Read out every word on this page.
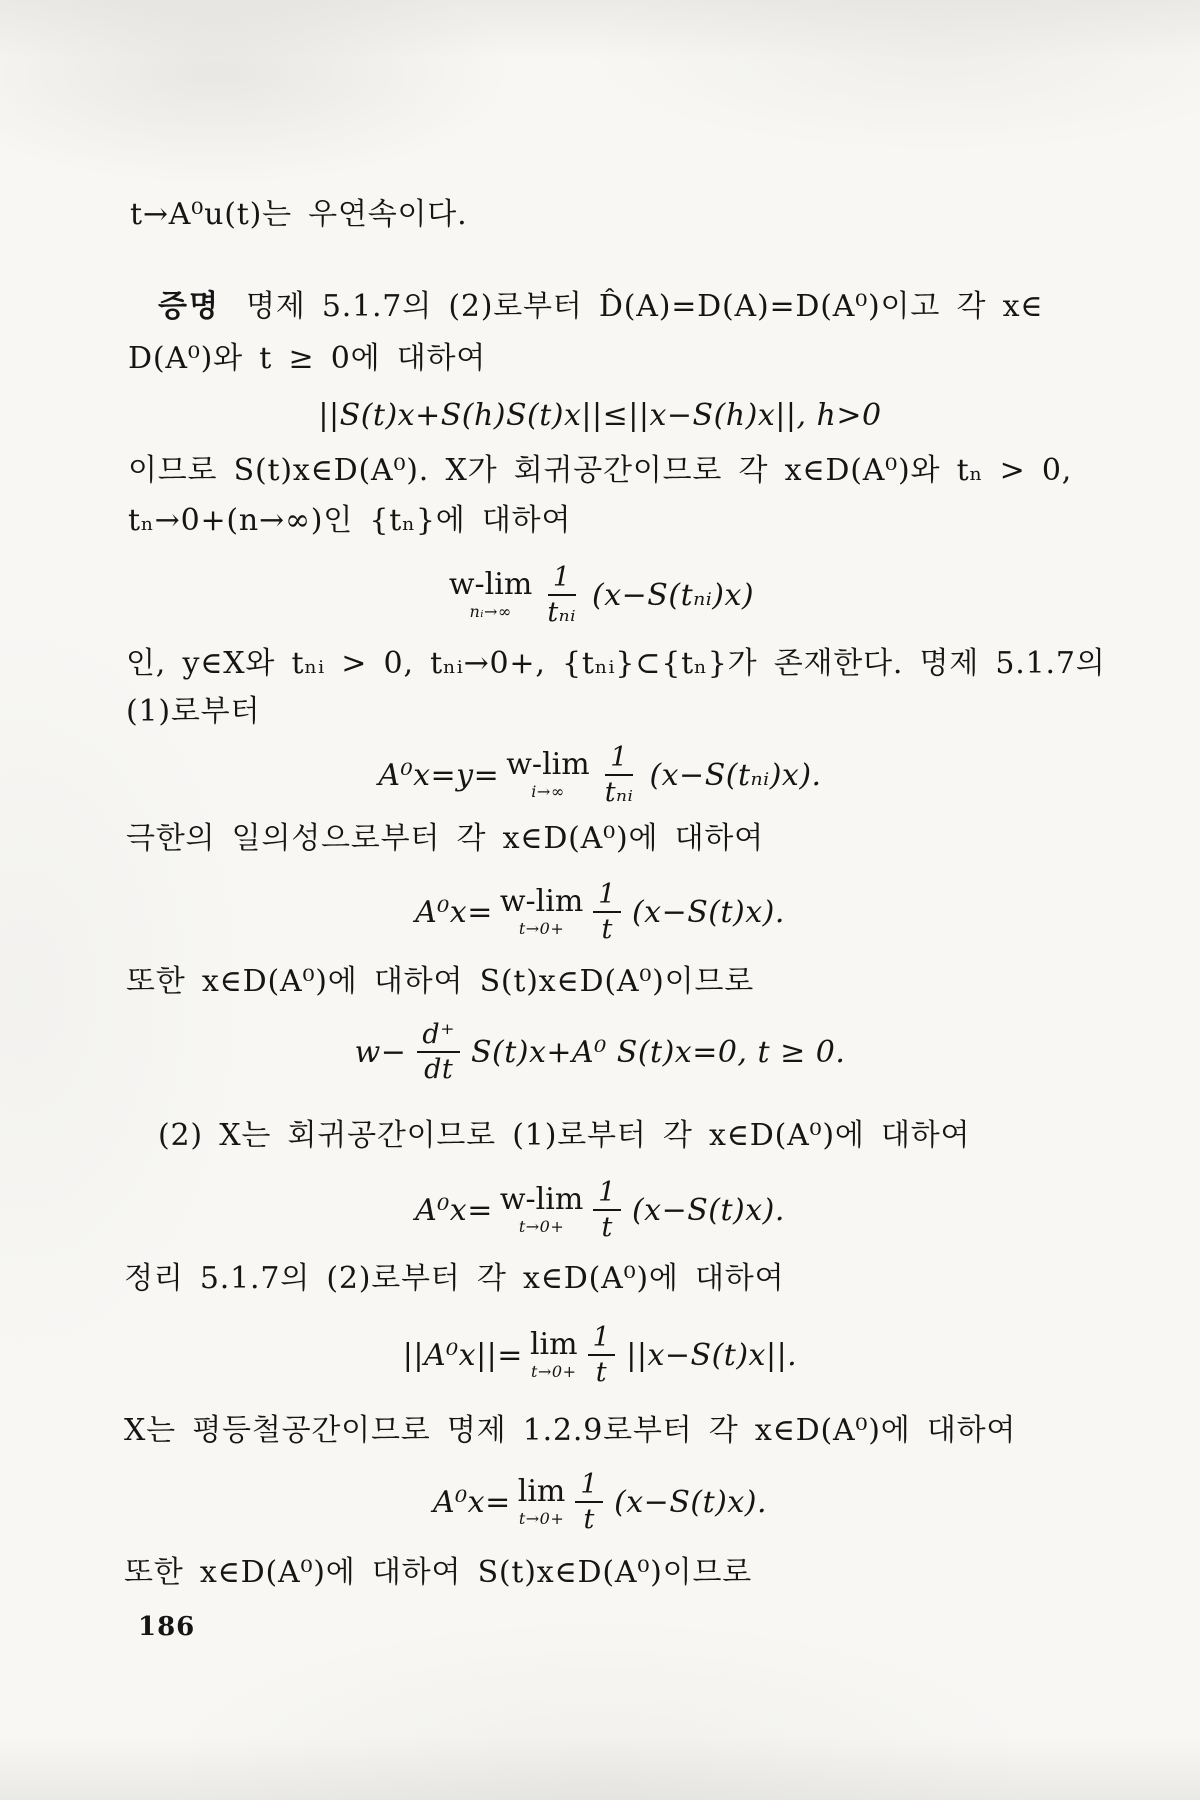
t→A⁰u(t)는 우연속이다.
증명 명제 5.1.7의 (2)로부터 D̂(A)=D(A)=D(A⁰)이고 각 x∈
D(A⁰)와 t ≥ 0에 대하여
||S(t)x+S(h)S(t)x||≤||x−S(h)x||, h>0
이므로 S(t)x∈D(A⁰). X가 회귀공간이므로 각 x∈D(A⁰)와 tₙ > 0,
tₙ→0+(n→∞)인 {tₙ}에 대하여
w-lim
nᵢ→∞ $\frac{1}{\text{tₙᵢ}}$ (x−S(tₙᵢ)x)
인, y∈X와 tₙᵢ > 0, tₙᵢ→0+, {tₙᵢ}⊂{tₙ}가 존재한다. 명제 5.1.7의
(1)로부터
A⁰x=y= w-lim
$i\to\infty \frac{1}{\text{tₙᵢ}}$ (x−S(tₙᵢ)x).
극한의 일의성으로부터 각 x∈D(A⁰)에 대하여
A⁰x= w-lim
$t\to 0+ \frac{1}{t} (x-S(t)x)$.
또한 x∈D(A⁰)에 대하여 S(t)x∈D(A⁰)이므로
$w- \frac{d^+}{dt} S(t)x+A^0$ S(t)x=0, t ≥ 0.
(2) X는 회귀공간이므로 (1)로부터 각 x∈D(A⁰)에 대하여
A⁰x= w-lim
$t\to 0+ \frac{1}{t} (x-S(t)x)$.
정리 5.1.7의 (2)로부터 각 x∈D(A⁰)에 대하여
||A⁰x||= lim
$t\to 0+ \frac{1}{t} ||x-S(t)x||$.
X는 평등철공간이므로 명제 1.2.9로부터 각 x∈D(A⁰)에 대하여
A⁰x= lim
$t\to 0+ \frac{1}{t} (x-S(t)x)$.
또한 x∈D(A⁰)에 대하여 S(t)x∈D(A⁰)이므로
186
